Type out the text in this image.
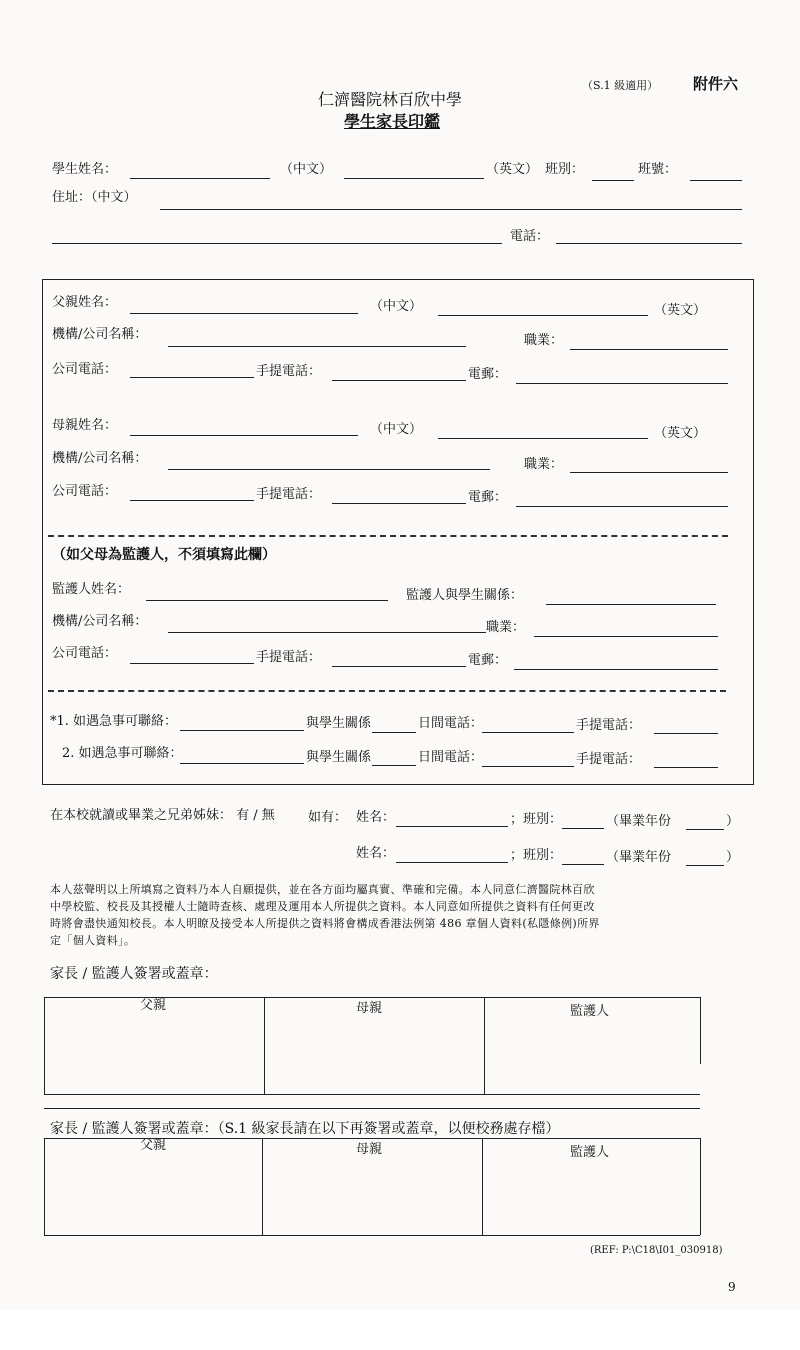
（S.1 級適用） 附件六
仁濟醫院林百欣中學
學生家長印鑑
學生姓名：	（中文）	（英文） 班別：	班號：
住址：（中文）
電話：
父親姓名：	（中文）	（英文）
機構/公司名稱：	職業：
公司電話：	手提電話：	電郵：
母親姓名：	（中文）	（英文）
機構/公司名稱：	職業：
公司電話：	手提電話：	電郵：
（如父母為監護人，不須填寫此欄）
監護人姓名：	監護人與學生關係：
機構/公司名稱：	職業：
公司電話：	手提電話：	電郵：
*1. 如遇急事可聯絡：	與學生關係	日間電話：	手提電話：
2. 如遇急事可聯絡：	與學生關係	日間電話：	手提電話：
在本校就讀或畢業之兄弟姊妹： 有 / 無	如有： 姓名：	；班別：	（畢業年份	）
姓名：	；班別：	（畢業年份	）
本人茲聲明以上所填寫之資料乃本人自願提供，並在各方面均屬真實、準確和完備。本人同意仁濟醫院林百欣
中學校監、校長及其授權人士隨時查核、處理及運用本人所提供之資料。本人同意如所提供之資料有任何更改
時將會盡快通知校長。本人明瞭及接受本人所提供之資料將會構成香港法例第 486 章個人資料(私隱條例)所界
定「個人資料」。
家長 / 監護人簽署或蓋章：
父親	母親	監護人
家長 / 監護人簽署或蓋章：（S.1 級家長請在以下再簽署或蓋章，以便校務處存檔）
父親	母親	監護人
(REF: P:\C18\I01_030918)
9
